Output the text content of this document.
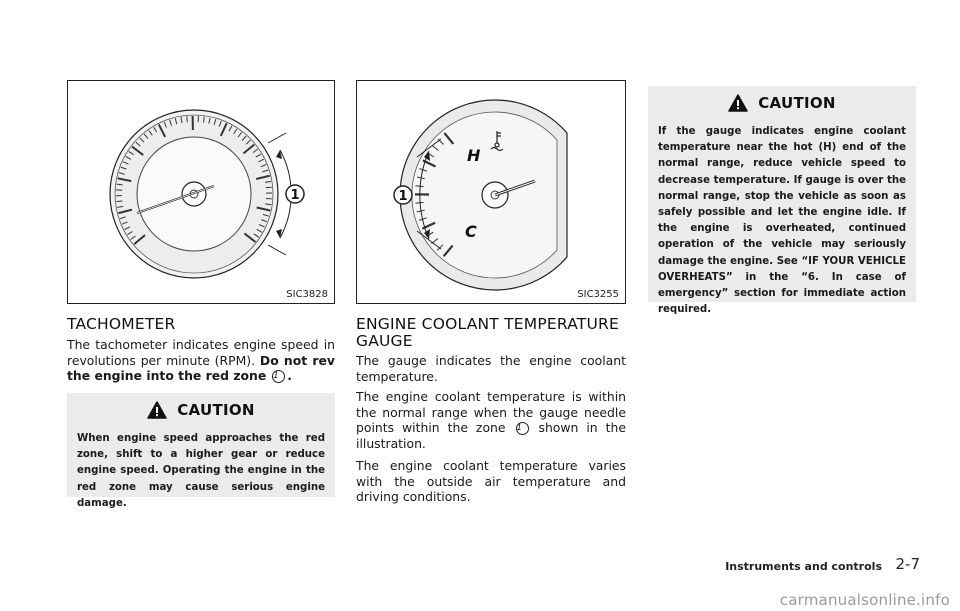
1
SIC3828
H
C
1
SIC3255
TACHOMETER

The tachometer indicates engine speed in revolutions per minute (RPM). Do not rev the engine into the red zone 1 .

CAUTION

When engine speed approaches the red zone, shift to a higher gear or reduce engine speed. Operating the engine in the red zone may cause serious engine damage.

ENGINE COOLANT TEMPERATURE GAUGE

The gauge indicates the engine coolant temperature.

The engine coolant temperature is within the normal range when the gauge needle points within the zone 1 shown in the illustration.

The engine coolant temperature varies with the outside air temperature and driving conditions.

CAUTION

If the gauge indicates engine coolant temperature near the hot (H) end of the normal range, reduce vehicle speed to decrease temperature. If gauge is over the normal range, stop the vehicle as soon as safely possible and let the engine idle. If the engine is overheated, continued operation of the vehicle may seriously damage the engine. See “IF YOUR VEHICLE OVERHEATS” in the “6. In case of emergency” section for immediate action required.

Instruments and controls 2-7
carmanualsonline.info
